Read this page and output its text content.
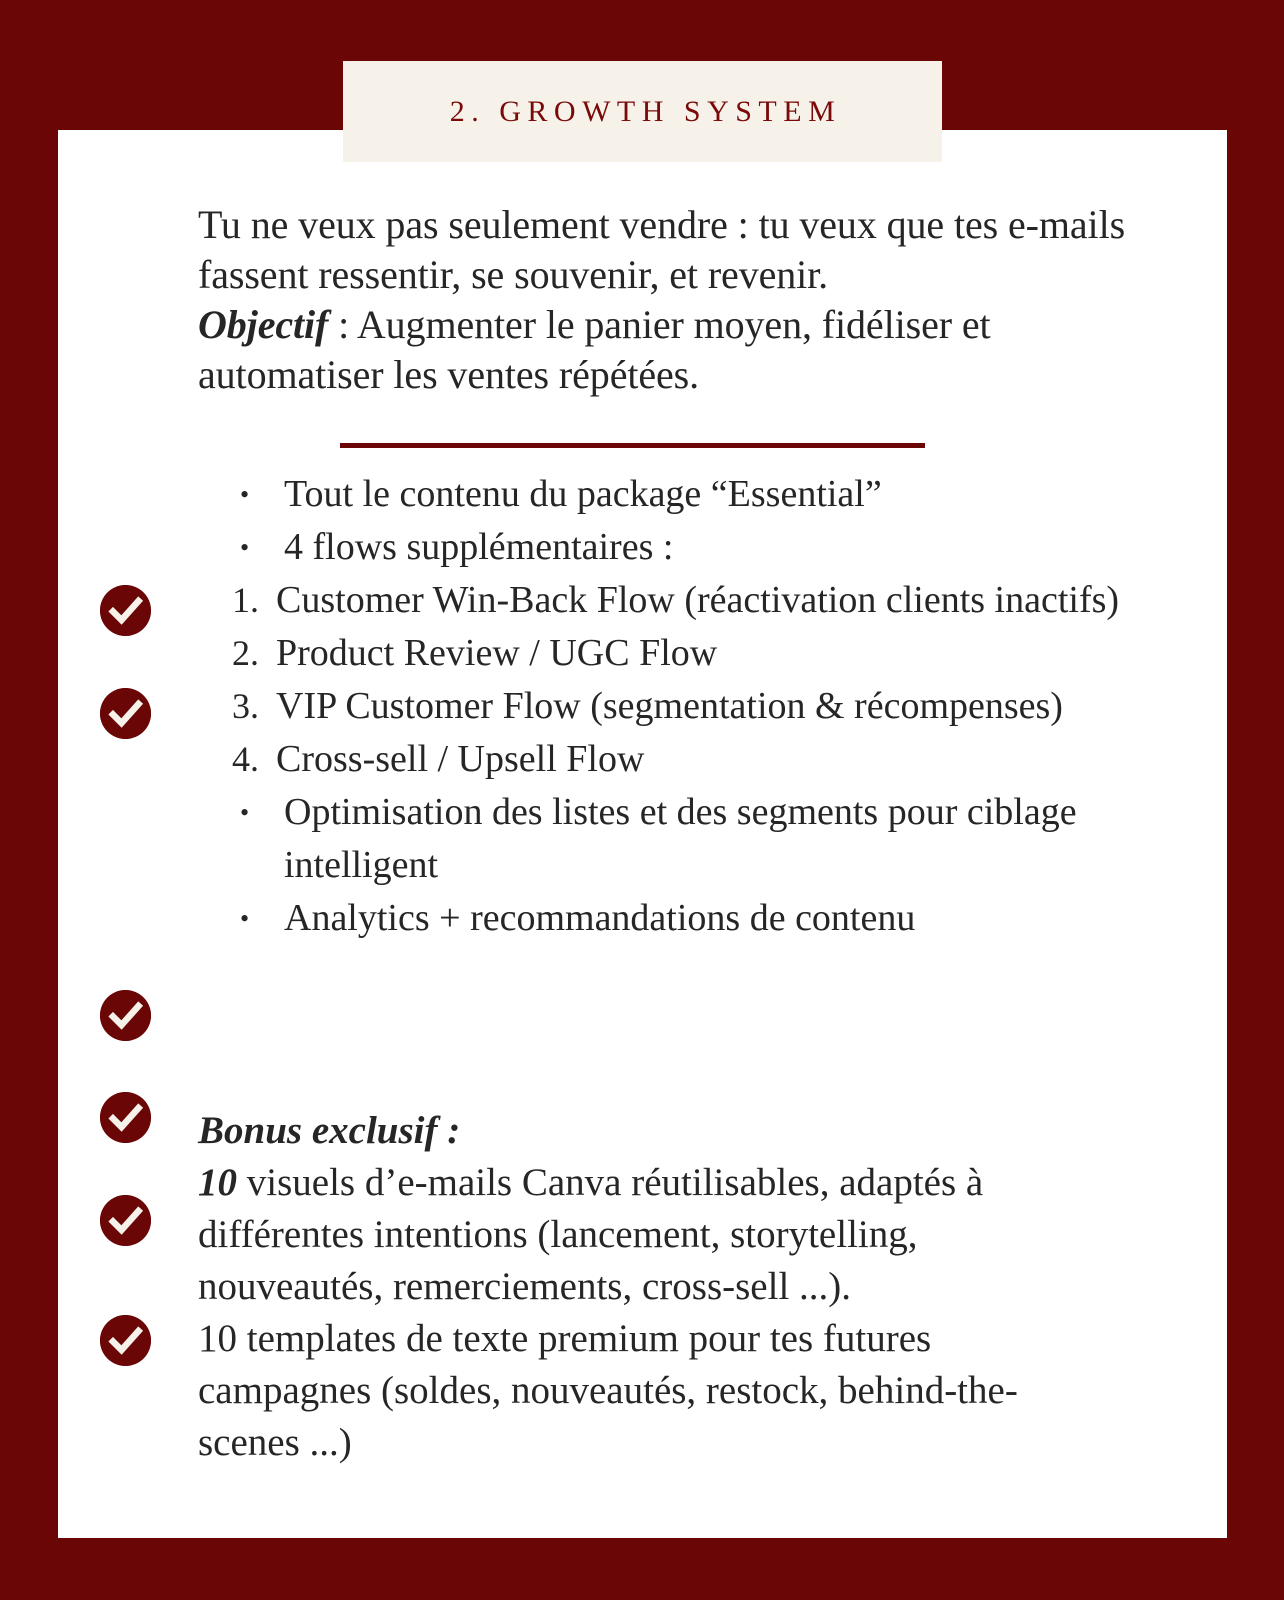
2. GROWTH SYSTEM
Tu ne veux pas seulement vendre : tu veux que tes e-mails fassent ressentir, se souvenir, et revenir.
Objectif : Augmenter le panier moyen, fidéliser et automatiser les ventes répétées.
• Tout le contenu du package “Essential”
• 4 flows supplémentaires :
1. Customer Win-Back Flow (réactivation clients inactifs)
2. Product Review / UGC Flow
3. VIP Customer Flow (segmentation & récompenses)
4. Cross-sell / Upsell Flow
• Optimisation des listes et des segments pour ciblage intelligent
• Analytics + recommandations de contenu

Bonus exclusif :

10 visuels d’e-mails Canva réutilisables, adaptés à différentes intentions (lancement, storytelling, nouveautés, remerciements, cross-sell ...).

10 templates de texte premium pour tes futures campagnes (soldes, nouveautés, restock, behind-the-scenes ...)
